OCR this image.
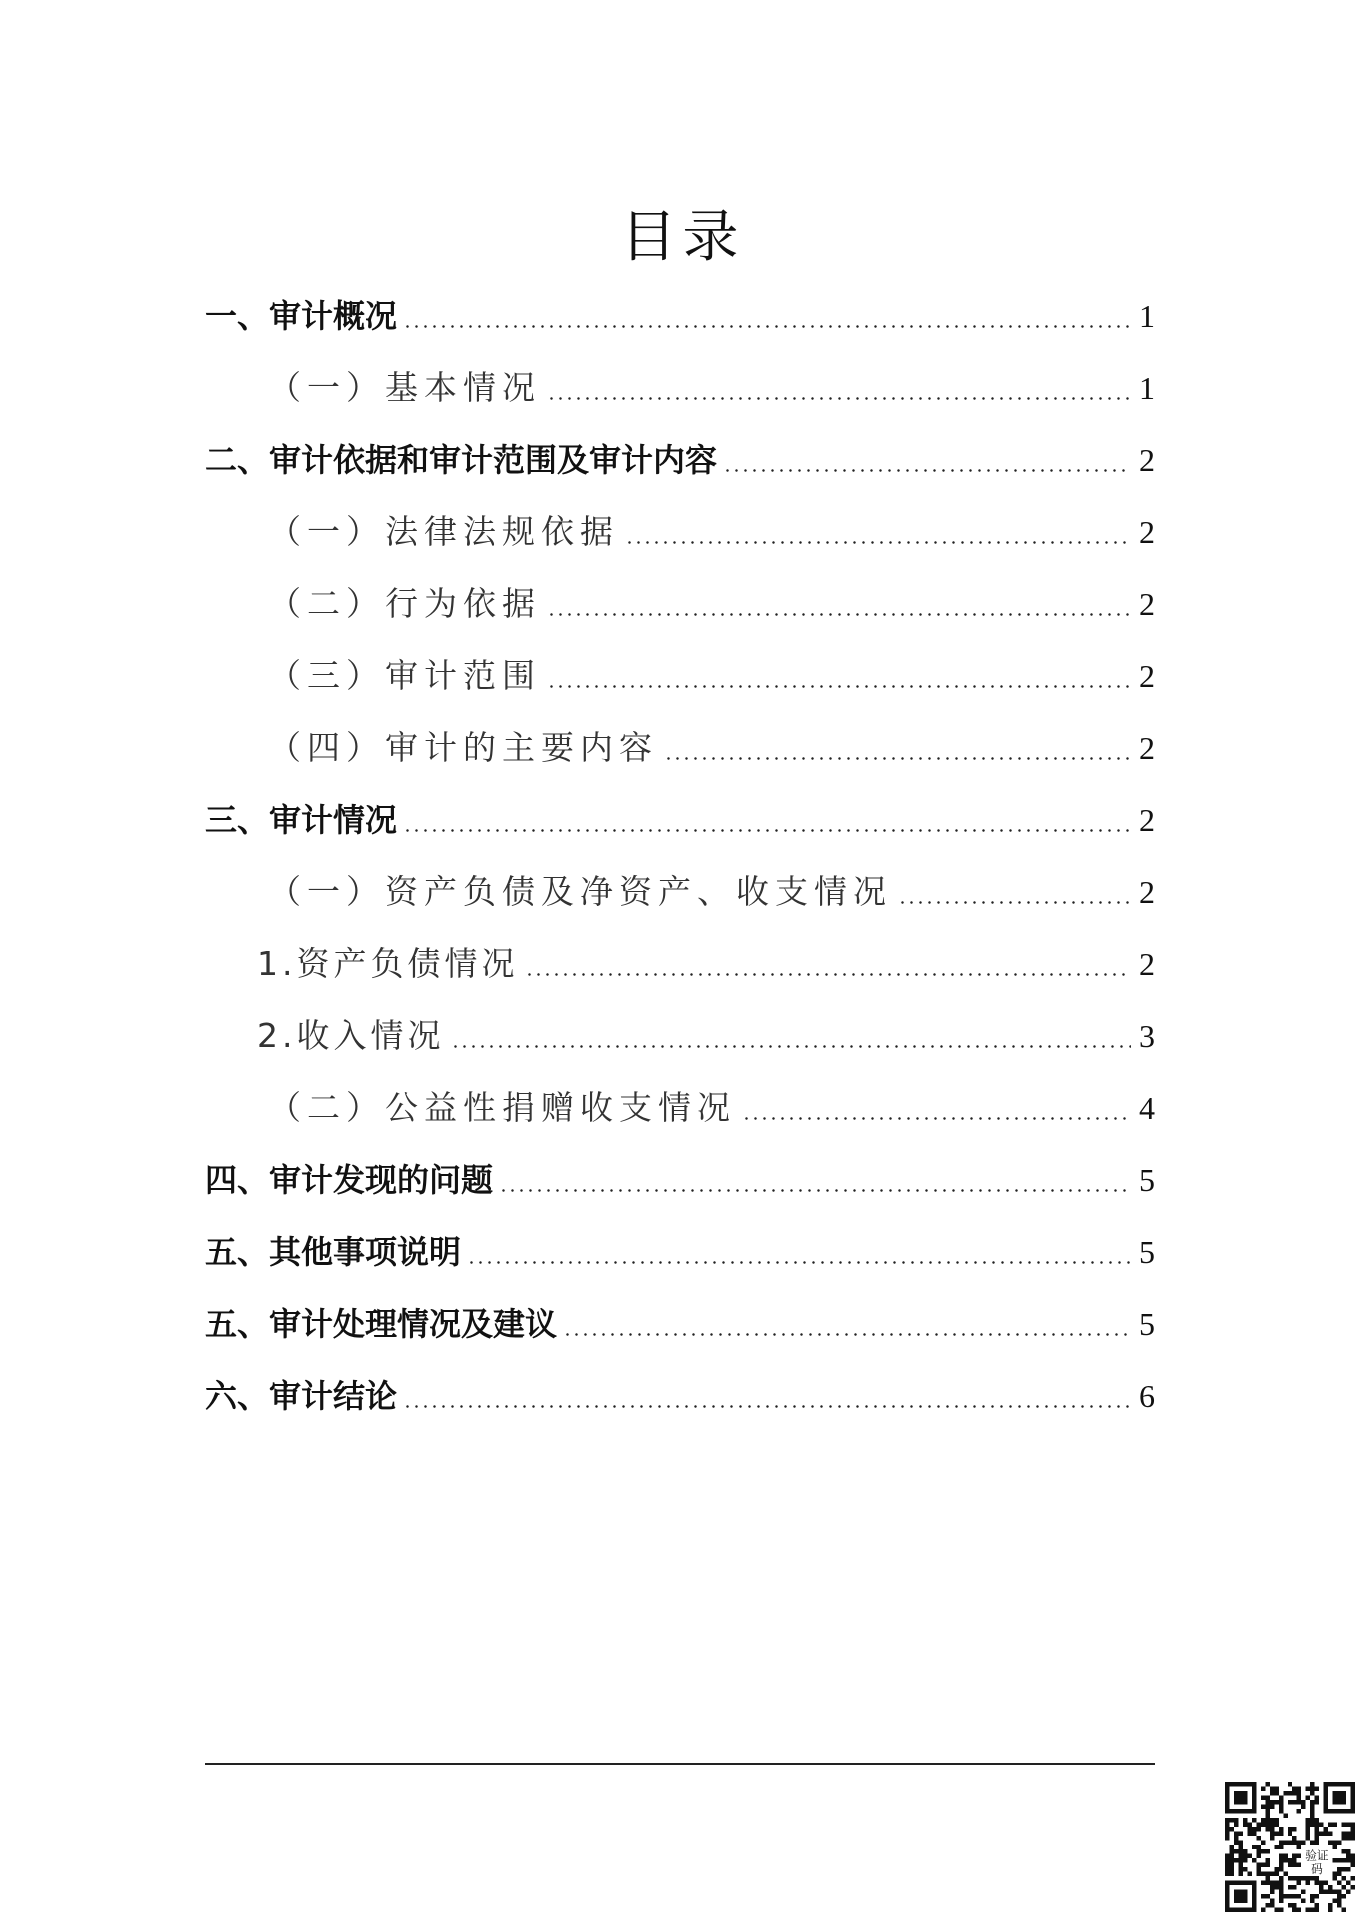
目录
一、审计概况	1
（一）基本情况	1
二、审计依据和审计范围及审计内容	2
（一）法律法规依据	2
（二）行为依据	2
（三）审计范围	2
（四）审计的主要内容	2
三、审计情况	2
（一）资产负债及净资产、收支情况	2
1.资产负债情况	2
2.收入情况	3
（二）公益性捐赠收支情况	4
四、审计发现的问题	5
五、其他事项说明	5
五、审计处理情况及建议	5
六、审计结论	6
验证
码
